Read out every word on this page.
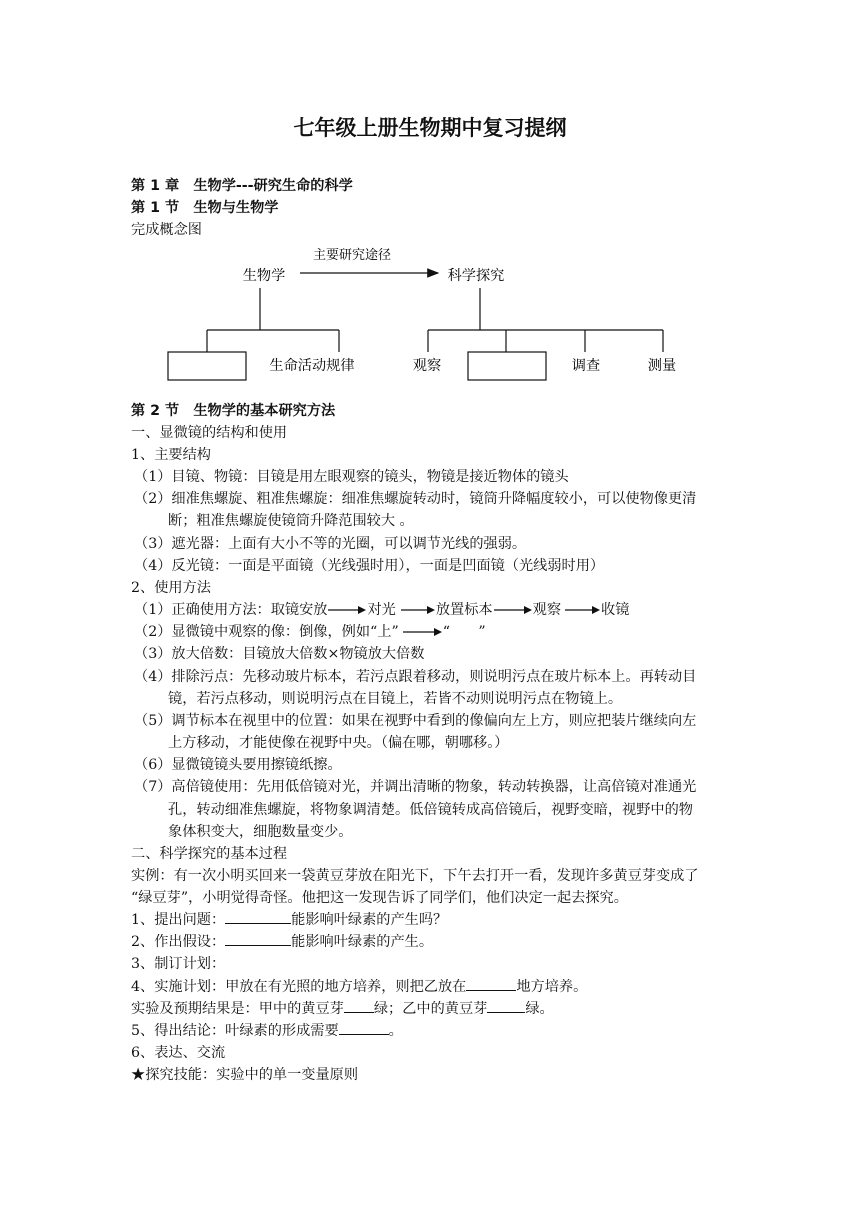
七年级上册生物期中复习提纲
第 1 章　生物学---研究生命的科学
第 1 节　生物与生物学
完成概念图
主要研究途径
生物学	科学探究
生命活动规律	观察	调查	测量
第 2 节　生物学的基本研究方法
一、显微镜的结构和使用
1、主要结构
（1）目镜、物镜：目镜是用左眼观察的镜头，物镜是接近物体的镜头
（2）细准焦螺旋、粗准焦螺旋：细准焦螺旋转动时，镜筒升降幅度较小，可以使物像更清
断；粗准焦螺旋使镜筒升降范围较大 。
（3）遮光器：上面有大小不等的光圈，可以调节光线的强弱。
（4）反光镜：一面是平面镜（光线强时用），一面是凹面镜（光线弱时用）
2、使用方法
（1）正确使用方法：取镜安放	对光	放置标本	观察	收镜
（2）显微镜中观察的像：倒像，例如“上”	“　　”
（3）放大倍数：目镜放大倍数×物镜放大倍数
（4）排除污点：先移动玻片标本，若污点跟着移动，则说明污点在玻片标本上。再转动目
镜，若污点移动，则说明污点在目镜上，若皆不动则说明污点在物镜上。
（5）调节标本在视里中的位置：如果在视野中看到的像偏向左上方，则应把装片继续向左
上方移动，才能使像在视野中央。（偏在哪，朝哪移。）
（6）显微镜镜头要用擦镜纸擦。
（7）高倍镜使用：先用低倍镜对光，并调出清晰的物象，转动转换器，让高倍镜对准通光
孔，转动细准焦螺旋，将物象调清楚。低倍镜转成高倍镜后，视野变暗，视野中的物
象体积变大，细胞数量变少。
二、科学探究的基本过程
实例：有一次小明买回来一袋黄豆芽放在阳光下，下午去打开一看，发现许多黄豆芽变成了
“绿豆芽”，小明觉得奇怪。他把这一发现告诉了同学们，他们决定一起去探究。
1、提出问题：	能影响叶绿素的产生吗？
2、作出假设：	能影响叶绿素的产生。
3、制订计划：
4、实施计划：甲放在有光照的地方培养，则把乙放在	地方培养。
实验及预期结果是：甲中的黄豆芽 绿；乙中的黄豆芽	绿。
5、得出结论：叶绿素的形成需要	。
6、表达、交流
★探究技能：实验中的单一变量原则
